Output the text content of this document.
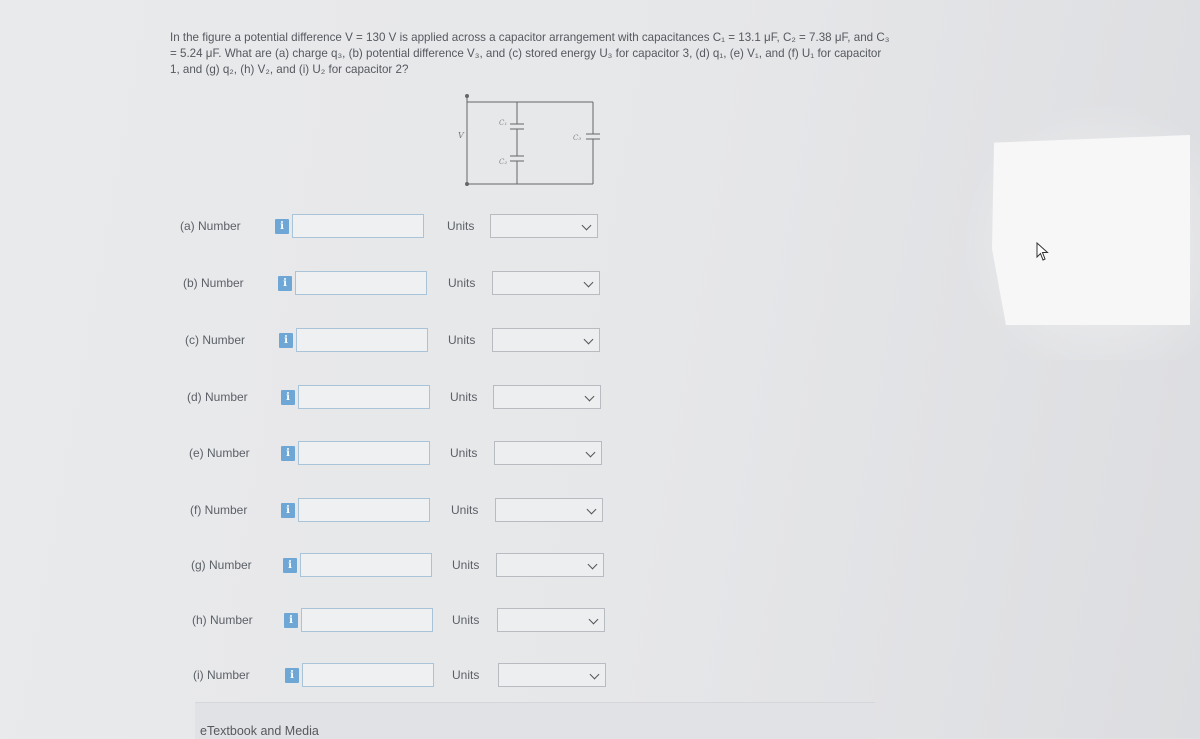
In the figure a potential difference V = 130 V is applied across a capacitor arrangement with capacitances C₁ = 13.1 μF, C₂ = 7.38 μF, and C₃ = 5.24 μF. What are (a) charge q₃, (b) potential difference V₃, and (c) stored energy U₃ for capacitor 3, (d) q₁, (e) V₁, and (f) U₁ for capacitor 1, and (g) q₂, (h) V₂, and (i) U₂ for capacitor 2?
V
C₁
C₂
C₃
(a) Number	i	Units
(b) Number	i	Units
(c) Number	i	Units
(d) Number	i	Units
(e) Number	i	Units
(f) Number	i	Units
(g) Number	i	Units
(h) Number	i	Units
(i) Number	i	Units
eTextbook and Media
